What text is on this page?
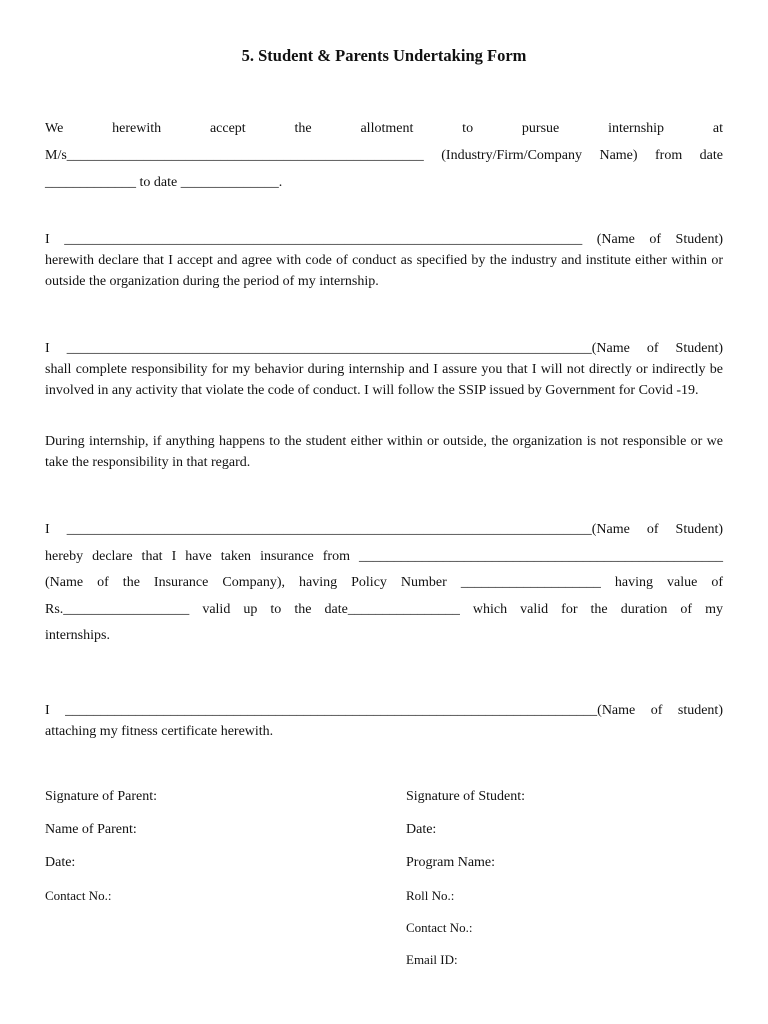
5. Student & Parents Undertaking Form
We herewith accept the allotment to pursue internship at
M/s___________________________________________________ (Industry/Firm/Company Name) from date
_____________ to date ______________.
I __________________________________________________________________________ (Name of Student)
herewith declare that I accept and agree with code of conduct as specified by the industry and institute either within or outside the organization during the period of my internship.
I ___________________________________________________________________________(Name of Student)
shall complete responsibility for my behavior during internship and I assure you that I will not directly or indirectly be involved in any activity that violate the code of conduct. I will follow the SSIP issued by Government for Covid -19.
During internship, if anything happens to the student either within or outside, the organization is not responsible or we take the responsibility in that regard.
I ___________________________________________________________________________(Name of Student)
hereby declare that I have taken insurance from ____________________________________________________
(Name of the Insurance Company), having Policy Number ____________________ having value of
Rs.__________________ valid up to the date________________ which valid for the duration of my
internships.
I ____________________________________________________________________________(Name of student)
attaching my fitness certificate herewith.
Signature of Parent:
Name of Parent:
Date:
Contact No.:
Signature of Student:
Date:
Program Name:
Roll No.:
Contact No.:
Email ID:
